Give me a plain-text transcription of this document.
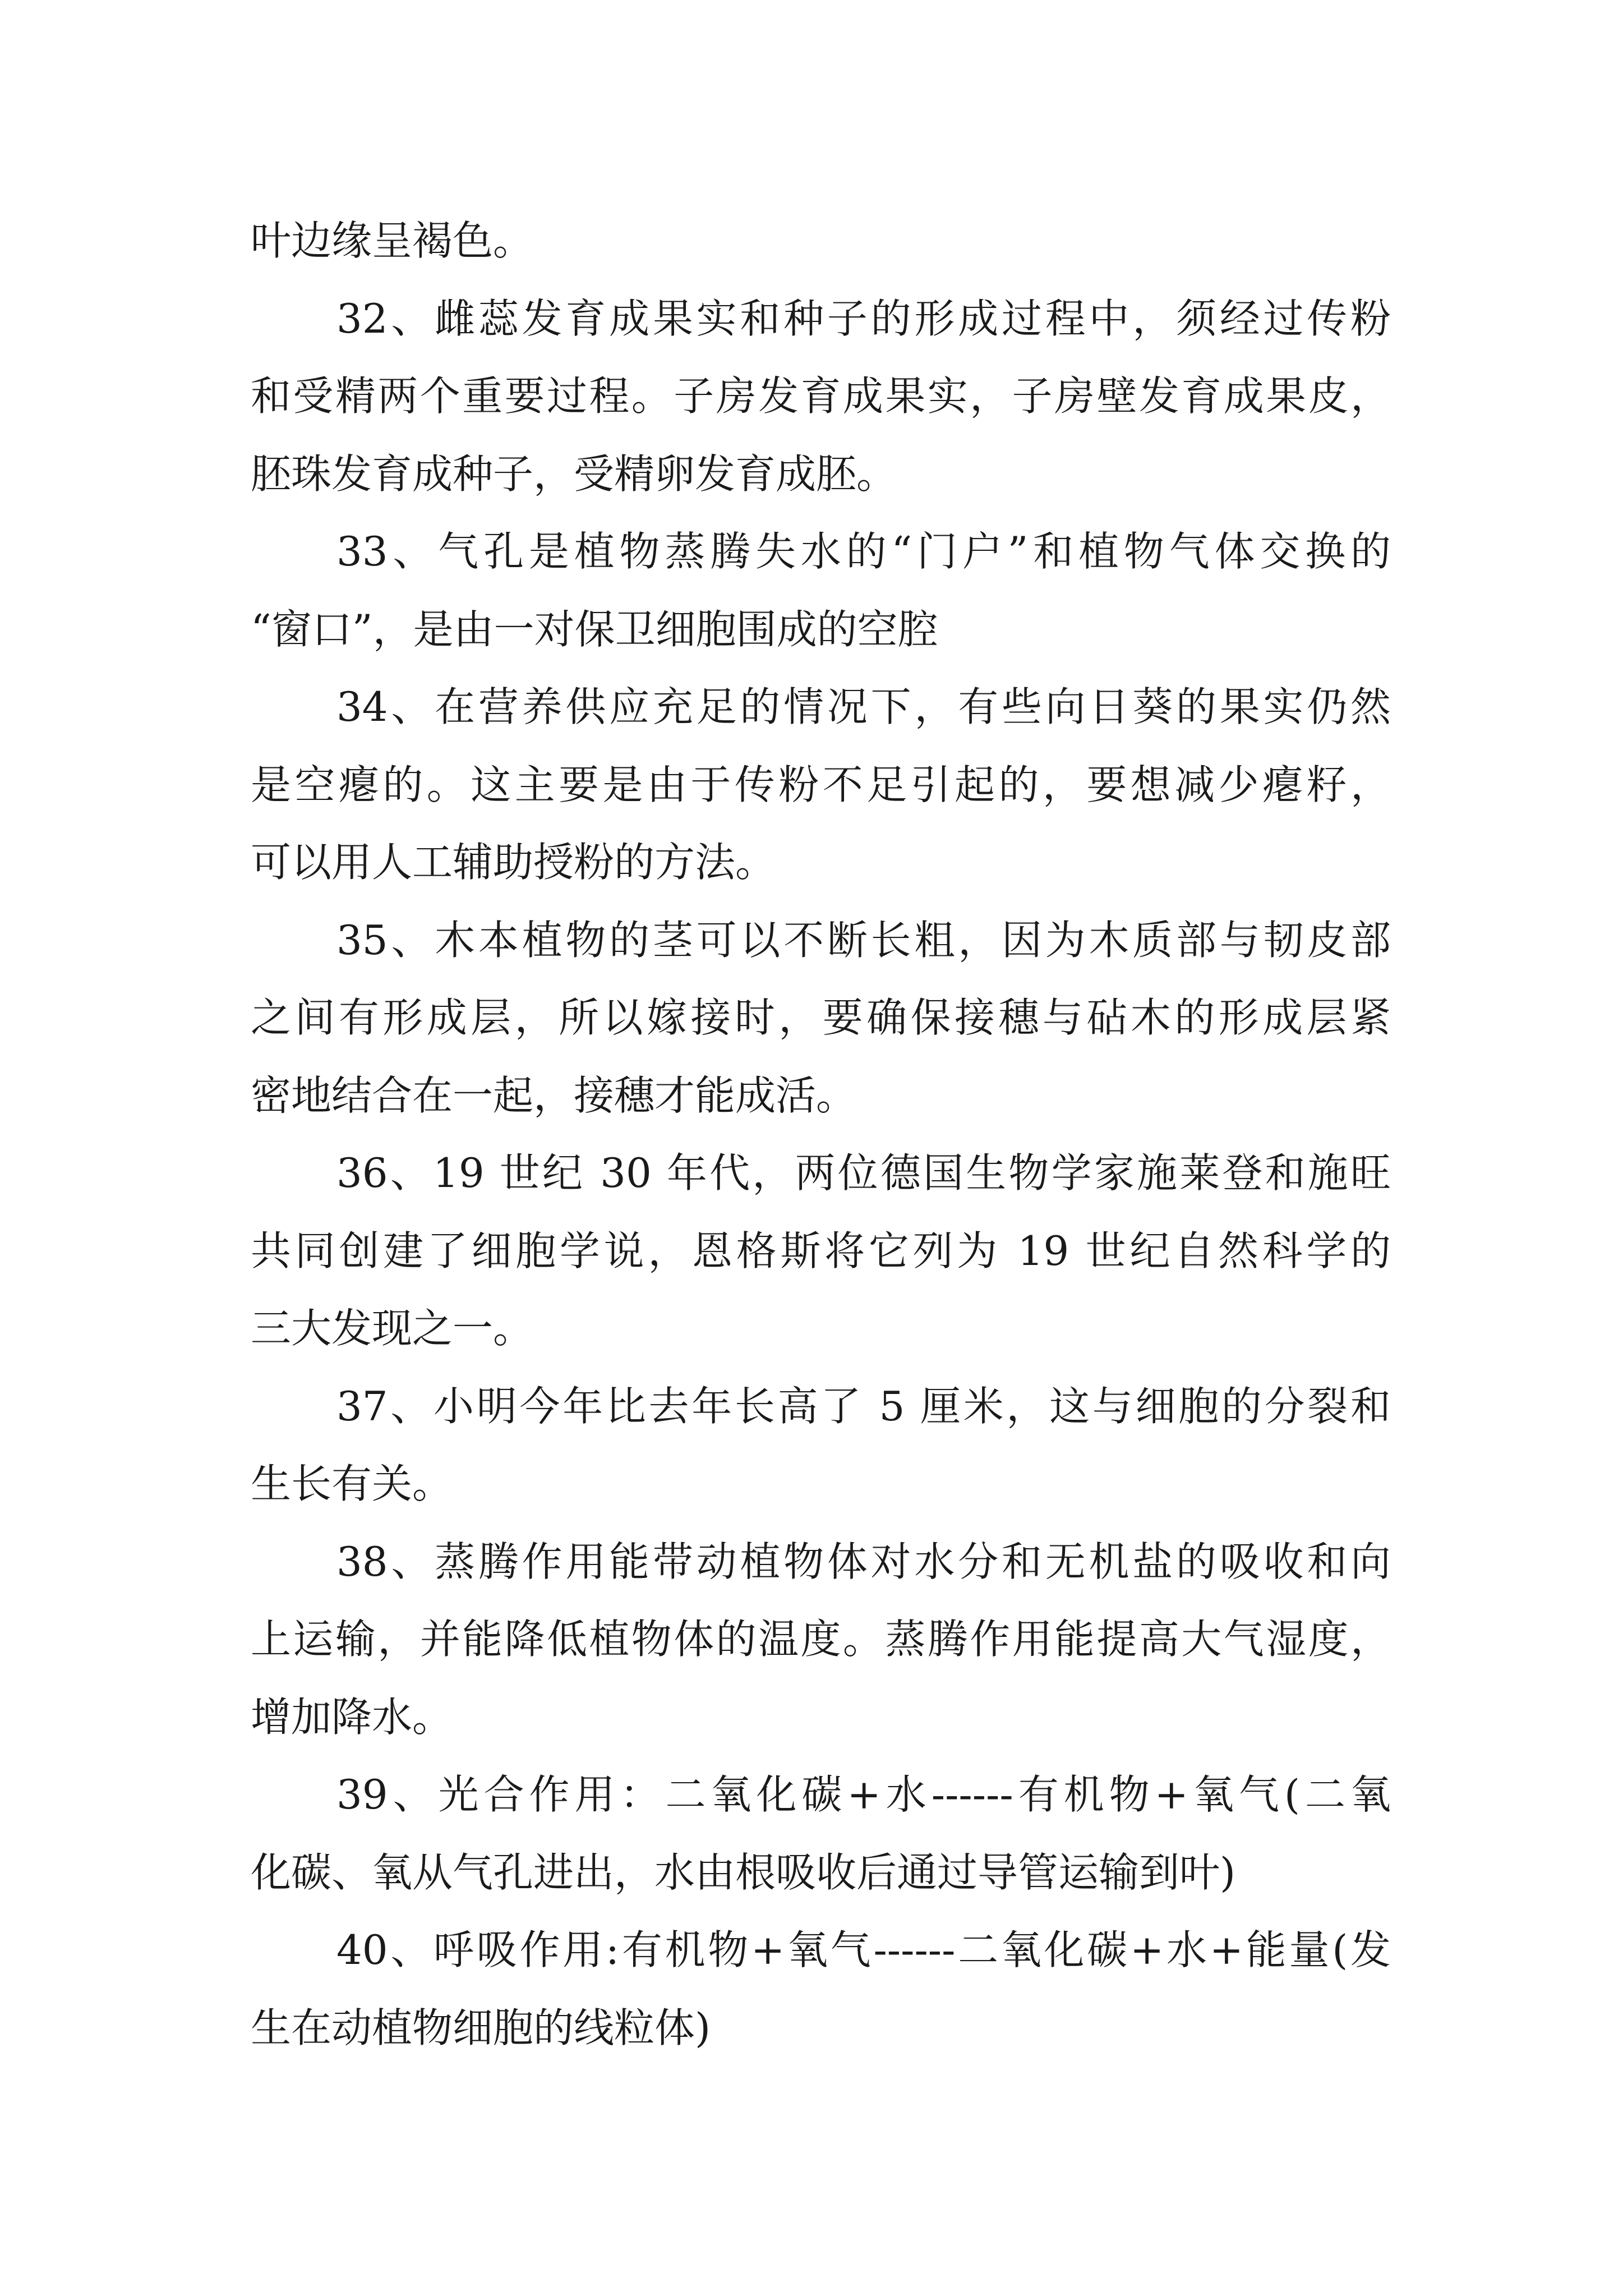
叶边缘呈褐色。
32、雌蕊发育成果实和种子的形成过程中，须经过传粉
和受精两个重要过程。子房发育成果实，子房壁发育成果皮，
胚珠发育成种子，受精卵发育成胚。
33、气孔是植物蒸腾失水的“门户”和植物气体交换的
“窗口”，是由一对保卫细胞围成的空腔
34、在营养供应充足的情况下，有些向日葵的果实仍然
是空瘪的。这主要是由于传粉不足引起的，要想减少瘪籽，
可以用人工辅助授粉的方法。
35、木本植物的茎可以不断长粗，因为木质部与韧皮部
之间有形成层，所以嫁接时，要确保接穗与砧木的形成层紧
密地结合在一起，接穗才能成活。
36、19 世纪 30 年代，两位德国生物学家施莱登和施旺
共同创建了细胞学说，恩格斯将它列为 19 世纪自然科学的
三大发现之一。
37、小明今年比去年长高了 5 厘米，这与细胞的分裂和
生长有关。
38、蒸腾作用能带动植物体对水分和无机盐的吸收和向
上运输，并能降低植物体的温度。蒸腾作用能提高大气湿度，
增加降水。
39、光合作用：二氧化碳+水------有机物+氧气(二氧
化碳、氧从气孔进出，水由根吸收后通过导管运输到叶)
40、呼吸作用:有机物+氧气------二氧化碳+水+能量(发
生在动植物细胞的线粒体)
